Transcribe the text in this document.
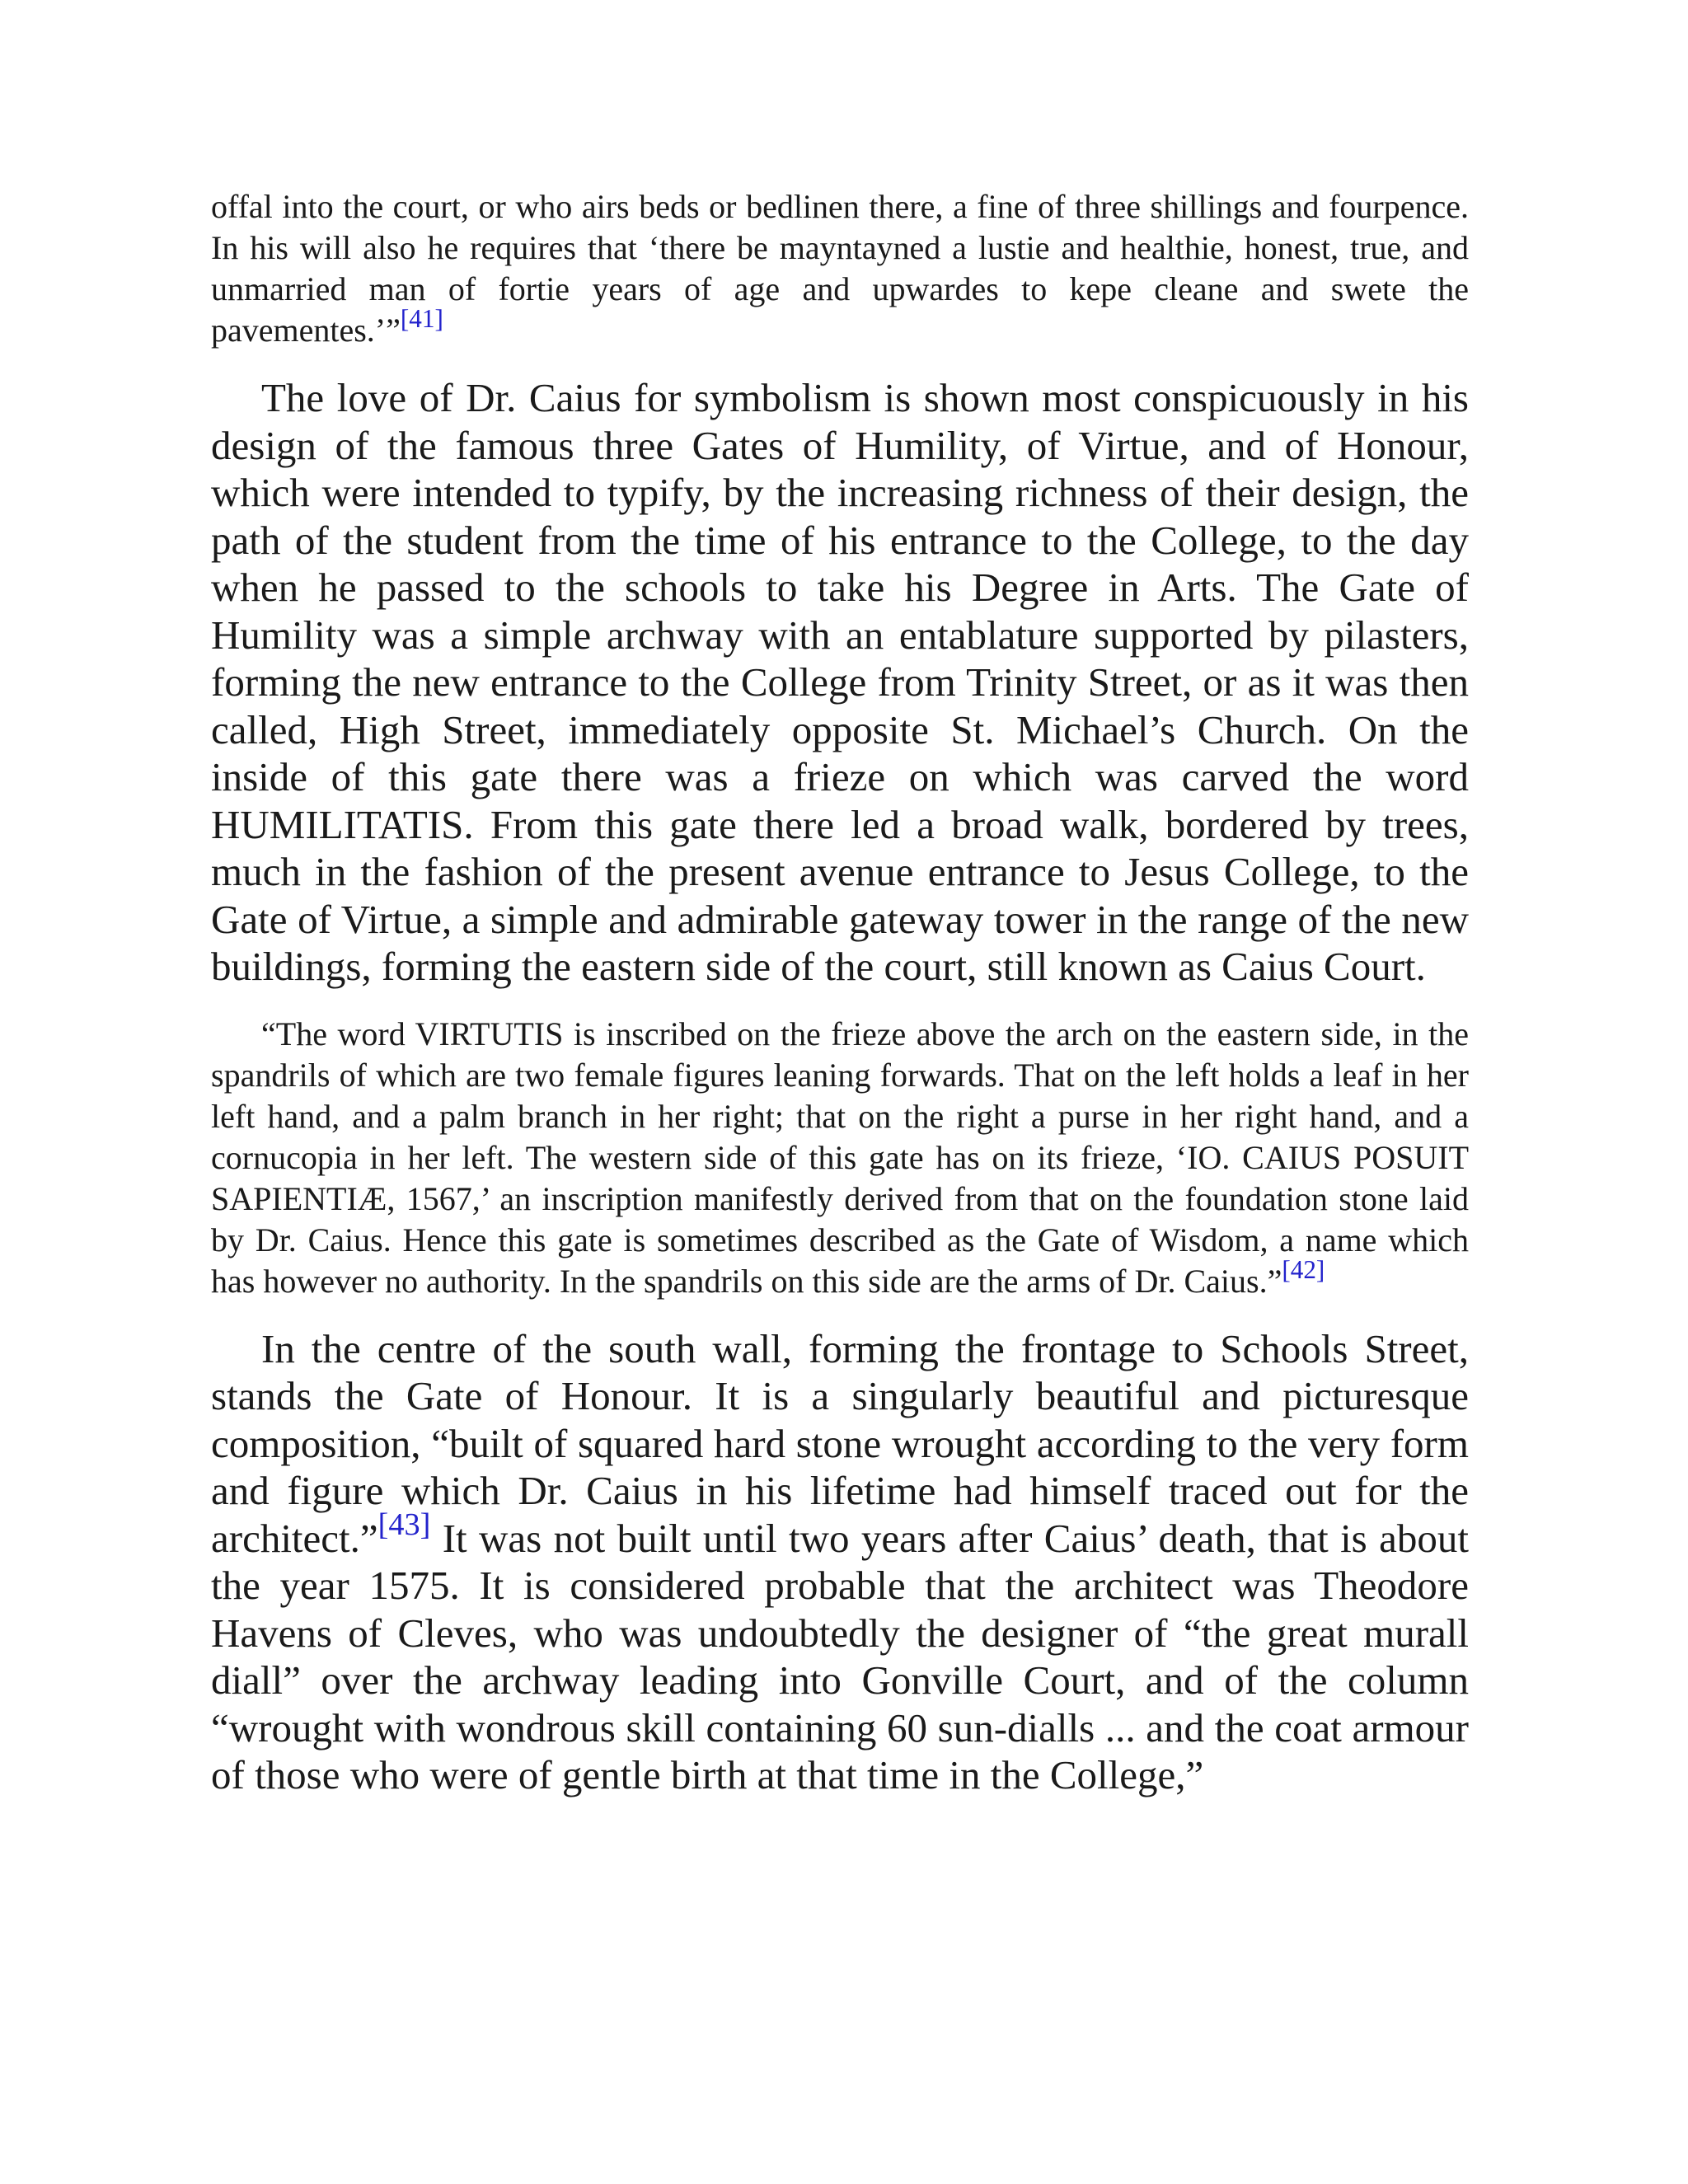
offal into the court, or who airs beds or bedlinen there, a fine of three shillings and fourpence. In his will also he requires that ‘there be mayntayned a lustie and healthie, honest, true, and unmarried man of fortie years of age and upwardes to kepe cleane and swete the pavementes.’”[41]

The love of Dr. Caius for symbolism is shown most conspicuously in his design of the famous three Gates of Humility, of Virtue, and of Honour, which were intended to typify, by the increasing richness of their design, the path of the student from the time of his entrance to the College, to the day when he passed to the schools to take his Degree in Arts. The Gate of Humility was a simple archway with an entablature supported by pilasters, forming the new entrance to the College from Trinity Street, or as it was then called, High Street, immediately opposite St. Michael’s Church. On the inside of this gate there was a frieze on which was carved the word HUMILITATIS. From this gate there led a broad walk, bordered by trees, much in the fashion of the present avenue entrance to Jesus College, to the Gate of Virtue, a simple and admirable gateway tower in the range of the new buildings, forming the eastern side of the court, still known as Caius Court.

“The word VIRTUTIS is inscribed on the frieze above the arch on the eastern side, in the spandrils of which are two female figures leaning forwards. That on the left holds a leaf in her left hand, and a palm branch in her right; that on the right a purse in her right hand, and a cornucopia in her left. The western side of this gate has on its frieze, ‘IO. CAIUS POSUIT SAPIENTIÆ, 1567,’ an inscription manifestly derived from that on the foundation stone laid by Dr. Caius. Hence this gate is sometimes described as the Gate of Wisdom, a name which has however no authority. In the spandrils on this side are the arms of Dr. Caius.”[42]

In the centre of the south wall, forming the frontage to Schools Street, stands the Gate of Honour. It is a singularly beautiful and picturesque composition, “built of squared hard stone wrought according to the very form and figure which Dr. Caius in his lifetime had himself traced out for the architect.”[43] It was not built until two years after Caius’ death, that is about the year 1575. It is considered probable that the architect was Theodore Havens of Cleves, who was undoubtedly the designer of “the great murall diall” over the archway leading into Gonville Court, and of the column “wrought with wondrous skill containing 60 sun-dialls ... and the coat armour of those who were of gentle birth at that time in the College,”
